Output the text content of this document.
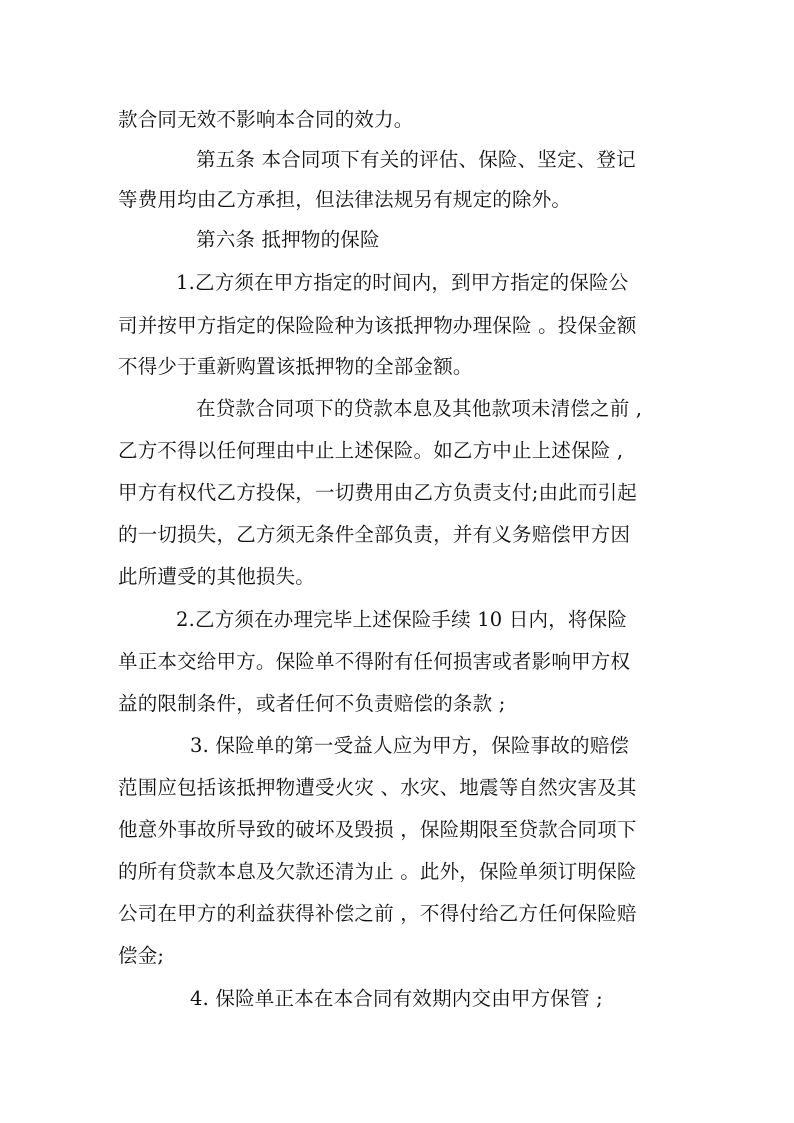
款合同无效不影响本合同的效力。
第五条 本合同项下有关的评估、保险、坚定、登记
等费用均由乙方承担，但法律法规另有规定的除外。
第六条 抵押物的保险
1.乙方须在甲方指定的时间内，到甲方指定的保险公
司并按甲方指定的保险险种为该抵押物办理保险 。投保金额
不得少于重新购置该抵押物的全部金额。
在贷款合同项下的贷款本息及其他款项未清偿之前 ,
乙方不得以任何理由中止上述保险。如乙方中止上述保险 ,
甲方有权代乙方投保，一切费用由乙方负责支付;由此而引起
的一切损失，乙方须无条件全部负责，并有义务赔偿甲方因
此所遭受的其他损失。
2.乙方须在办理完毕上述保险手续 10 日内，将保险
单正本交给甲方。保险单不得附有任何损害或者影响甲方权
益的限制条件，或者任何不负责赔偿的条款 ;
3. 保险单的第一受益人应为甲方，保险事故的赔偿
范围应包括该抵押物遭受火灾 、水灾、地震等自然灾害及其
他意外事故所导致的破坏及毁损 ，保险期限至贷款合同项下
的所有贷款本息及欠款还清为止 。此外，保险单须订明保险
公司在甲方的利益获得补偿之前 ，不得付给乙方任何保险赔
偿金;
4. 保险单正本在本合同有效期内交由甲方保管 ;
